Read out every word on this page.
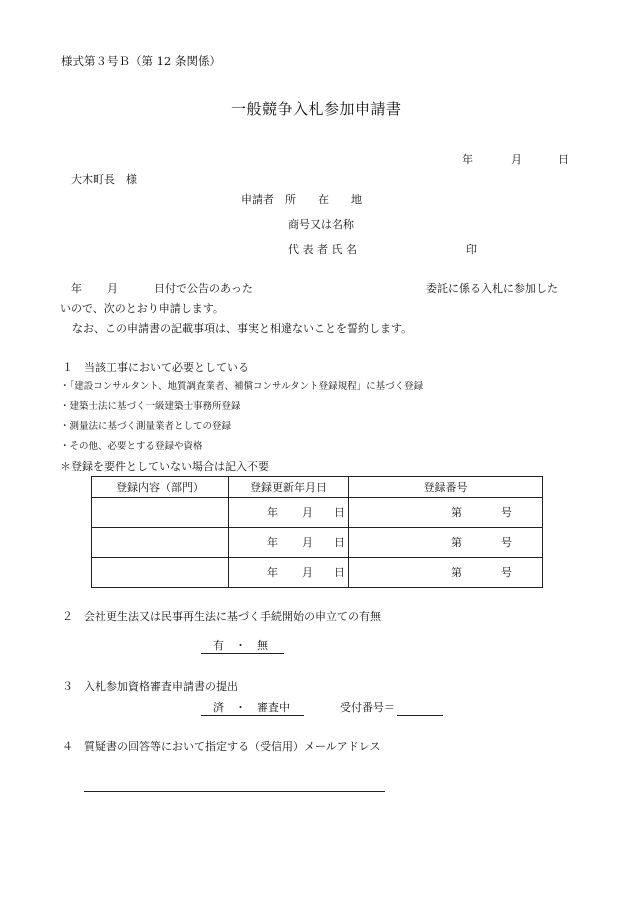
様式第３号Ｂ（第 12 条関係）
一般競争入札参加申請書
年	月	日
大木町長　様
申請者 所　　在　　地
商号又は名称
代 表 者 氏 名	印
年 月	日付で公告のあった	委託に係る入札に参加した
いので、次のとおり申請します。
なお、この申請書の記載事項は、事実と相違ないことを誓約します。
１　当該工事において必要としている
・「建設コンサルタント、地質調査業者、補償コンサルタント登録規程」に基づく登録
・建築士法に基づく一級建築士事務所登録
・測量法に基づく測量業者としての登録
・その他、必要とする登録や資格
＊登録を要件としていない場合は記入不要
登録内容（部門）	登録更新年月日	登録番号

	年 月 日	第 号

	年 月 日	第 号

	年 月 日	第 号
２　会社更生法又は民事再生法に基づく手続開始の申立ての有無
有　・　無
３　入札参加資格審査申請書の提出
済　・　審査中	受付番号＝
４　質疑書の回答等において指定する（受信用）メールアドレス
